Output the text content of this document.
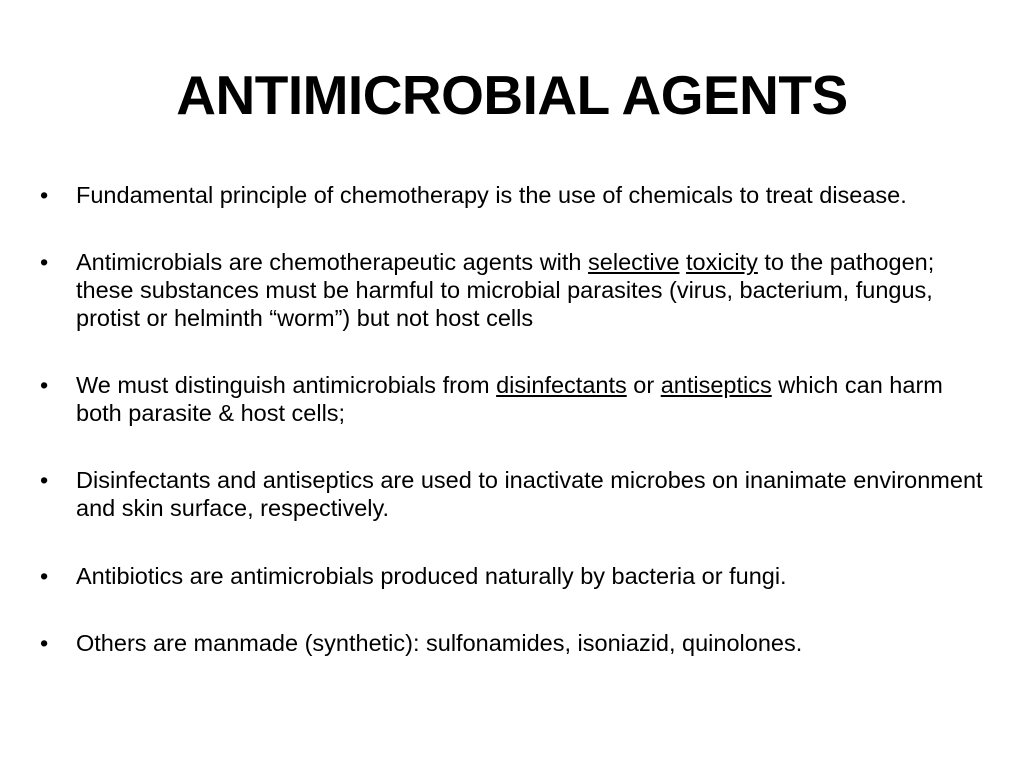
ANTIMICROBIAL AGENTS
•	Fundamental principle of chemotherapy is the use of chemicals to treat disease.
•	Antimicrobials are chemotherapeutic agents with selective toxicity to the pathogen; these substances must be harmful to microbial parasites (virus, bacterium, fungus, protist or helminth “worm”) but not host cells
•	We must distinguish antimicrobials from disinfectants or antiseptics which can harm both parasite & host cells;
•	Disinfectants and antiseptics are used to inactivate microbes on inanimate environment and skin surface, respectively.
•	Antibiotics are antimicrobials produced naturally by bacteria or fungi.
•	Others are manmade (synthetic): sulfonamides, isoniazid, quinolones.
